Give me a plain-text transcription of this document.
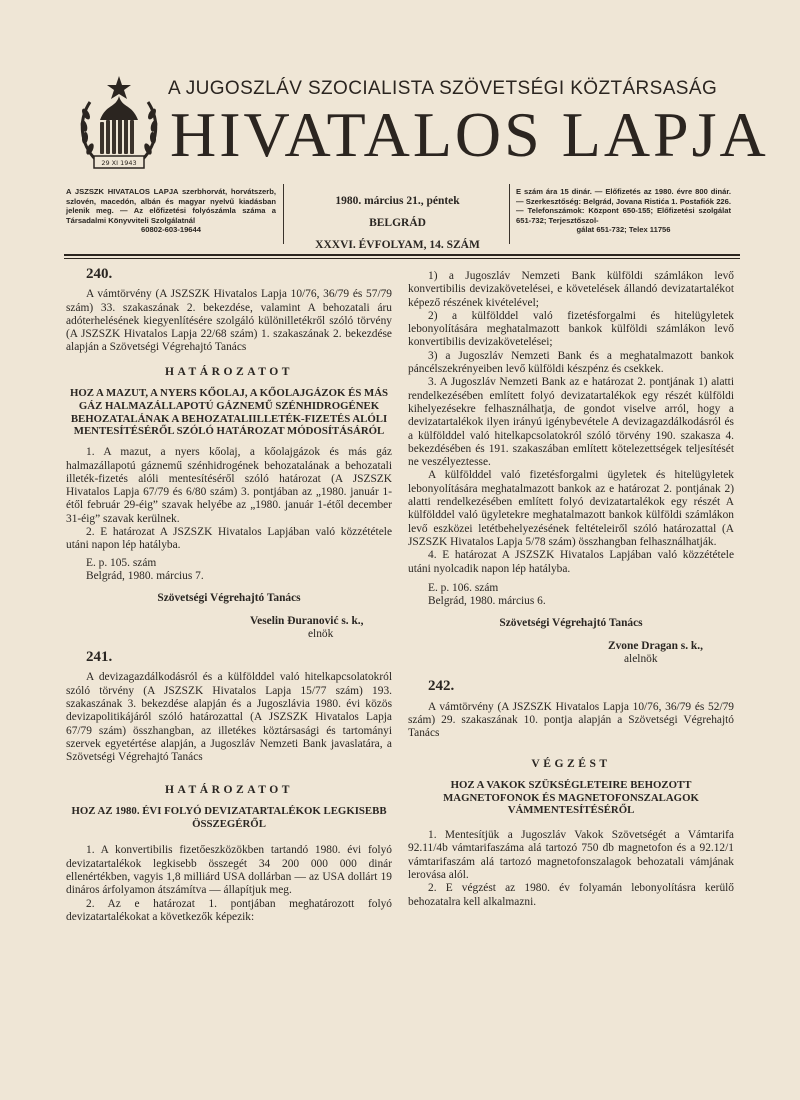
29 XI 1943
A JUGOSZLÁV SZOCIALISTA SZÖVETSÉGI KÖZTÁRSASÁG
HIVATALOS LAPJA
A JSZSZK HIVATALOS LAPJA szerbhorvát, horvátszerb, szlovén, macedón, albán és magyar nyelvű kiadásban jelenik meg. — Az előfizetési folyószámla száma a Társadalmi Könyvviteli Szolgálatnál
60802-603-19644
1980. március 21., péntek
BELGRÁD
XXXVI. ÉVFOLYAM, 14. SZÁM
E szám ára 15 dinár. — Előfizetés az 1980. évre 800 dinár. — Szerkesztőség: Belgrád, Jovana Ristića 1. Postafiók 226. — Telefonszámok: Központ 650-155; Előfizetési szolgálat 651-732; Terjesztőszol-
gálat 651-732; Telex 11756
240.

A vámtörvény (A JSZSZK Hivatalos Lapja 10/76, 36/79 és 57/79 szám) 33. szakaszának 2. bekezdése, valamint A behozatali áru adóterhelésének kiegyenlítésére szolgáló különilletékről szóló törvény (A JSZSZK Hivatalos Lapja 22/68 szám) 1. szakaszának 2. bekezdése alapján a Szövetségi Végrehajtó Tanács

HATÁROZATOT
HOZ A MAZUT, A NYERS KŐOLAJ, A KŐOLAJGÁZOK ÉS MÁS GÁZ HALMAZÁLLAPOTÚ GÁZNEMŰ SZÉNHIDROGÉNEK BEHOZATALÁNAK A BEHOZATALIILLETÉK-FIZETÉS ALÓLI MENTESÍTÉSÉRŐL SZÓLÓ HATÁROZAT MÓDOSÍTÁSÁRÓL

1. A mazut, a nyers kőolaj, a kőolajgázok és más gáz halmazállapotú gáznemű szénhidrogének behozatalának a behozatali illeték-fizetés alóli mentesítéséről szóló határozat (A JSZSZK Hivatalos Lapja 67/79 és 6/80 szám) 3. pontjában az „1980. január 1-étől február 29-éig” szavak helyébe az „1980. január 1-étől december 31-éig” szavak kerülnek.

2. E határozat A JSZSZK Hivatalos Lapjában való közzététele utáni napon lép hatályba.

E. p. 105. szám

Belgrád, 1980. március 7.

Szövetségi Végrehajtó Tanács
Veselin Đuranović s. k.,
elnök
241.

A devizagazdálkodásról és a külfölddel való hitelkapcsolatokról szóló törvény (A JSZSZK Hivatalos Lapja 15/77 szám) 193. szakaszának 3. bekezdése alapján és a Jugoszlávia 1980. évi közös devizapolitikájáról szóló határozattal (A JSZSZK Hivatalos Lapja 67/79 szám) összhangban, az illetékes köztársasági és tartományi szervek egyetértése alapján, a Jugoszláv Nemzeti Bank javaslatára, a Szövetségi Végrehajtó Tanács

HATÁROZATOT
HOZ AZ 1980. ÉVI FOLYÓ DEVIZATARTALÉKOK LEGKISEBB ÖSSZEGÉRŐL

1. A konvertibilis fizetőeszközökben tartandó 1980. évi folyó devizatartalékok legkisebb összegét 34 200 000 000 dinár ellenértékben, vagyis 1,8 milliárd USA dollárban — az USA dollárt 19 dináros árfolyamon átszámítva — állapítjuk meg.

2. Az e határozat 1. pontjában meghatározott folyó devizatartalékokat a következők képezik:

1) a Jugoszláv Nemzeti Bank külföldi számlákon levő konvertibilis devizakövetelései, e követelések állandó devizatartalékot képező részének kivételével;

2) a külfölddel való fizetésforgalmi és hitelügyletek lebonyolítására meghatalmazott bankok külföldi számlákon levő konvertibilis devizakövetelései;

3) a Jugoszláv Nemzeti Bank és a meghatalmazott bankok páncélszekrényeiben levő külföldi készpénz és csekkek.

3. A Jugoszláv Nemzeti Bank az e határozat 2. pontjának 1) alatti rendelkezésében említett folyó devizatartalékok egy részét külföldi kihelyezésekre felhasználhatja, de gondot viselve arról, hogy a devizatartalékok ilyen irányú igénybevétele A devizagazdálkodásról és a külfölddel való hitelkapcsolatokról szóló törvény 190. szakasza 4. bekezdésében és 191. szakaszában említett kötelezettségek teljesítését ne veszélyeztesse.

A külfölddel való fizetésforgalmi ügyletek és hitelügyletek lebonyolítására meghatalmazott bankok az e határozat 2. pontjának 2) alatti rendelkezésében említett folyó devizatartalékok egy részét A külfölddel való ügyletekre meghatalmazott bankok külföldi számlákon levő eszközei letétbehelyezésének feltételeiről szóló határozattal (A JSZSZK Hivatalos Lapja 5/78 szám) összhangban felhasználhatják.

4. E határozat A JSZSZK Hivatalos Lapjában való közzététele utáni nyolcadik napon lép hatályba.

E. p. 106. szám

Belgrád, 1980. március 6.

Szövetségi Végrehajtó Tanács
Zvone Dragan s. k.,
alelnök
242.

A vámtörvény (A JSZSZK Hivatalos Lapja 10/76, 36/79 és 52/79 szám) 29. szakaszának 10. pontja alapján a Szövetségi Végrehajtó Tanács

VÉGZÉST
HOZ A VAKOK SZÜKSÉGLETEIRE BEHOZOTT MAGNETOFONOK ÉS MAGNETOFONSZALAGOK VÁMMENTESÍTÉSÉRŐL

1. Mentesítjük a Jugoszláv Vakok Szövetségét a Vámtarifa 92.11/4b vámtarifaszáma alá tartozó 750 db magnetofon és a 92.12/1 vámtarifaszám alá tartozó magnetofonszalagok behozatali vámjának lerovása alól.

2. E végzést az 1980. év folyamán lebonyolításra kerülő behozatalra kell alkalmazni.
